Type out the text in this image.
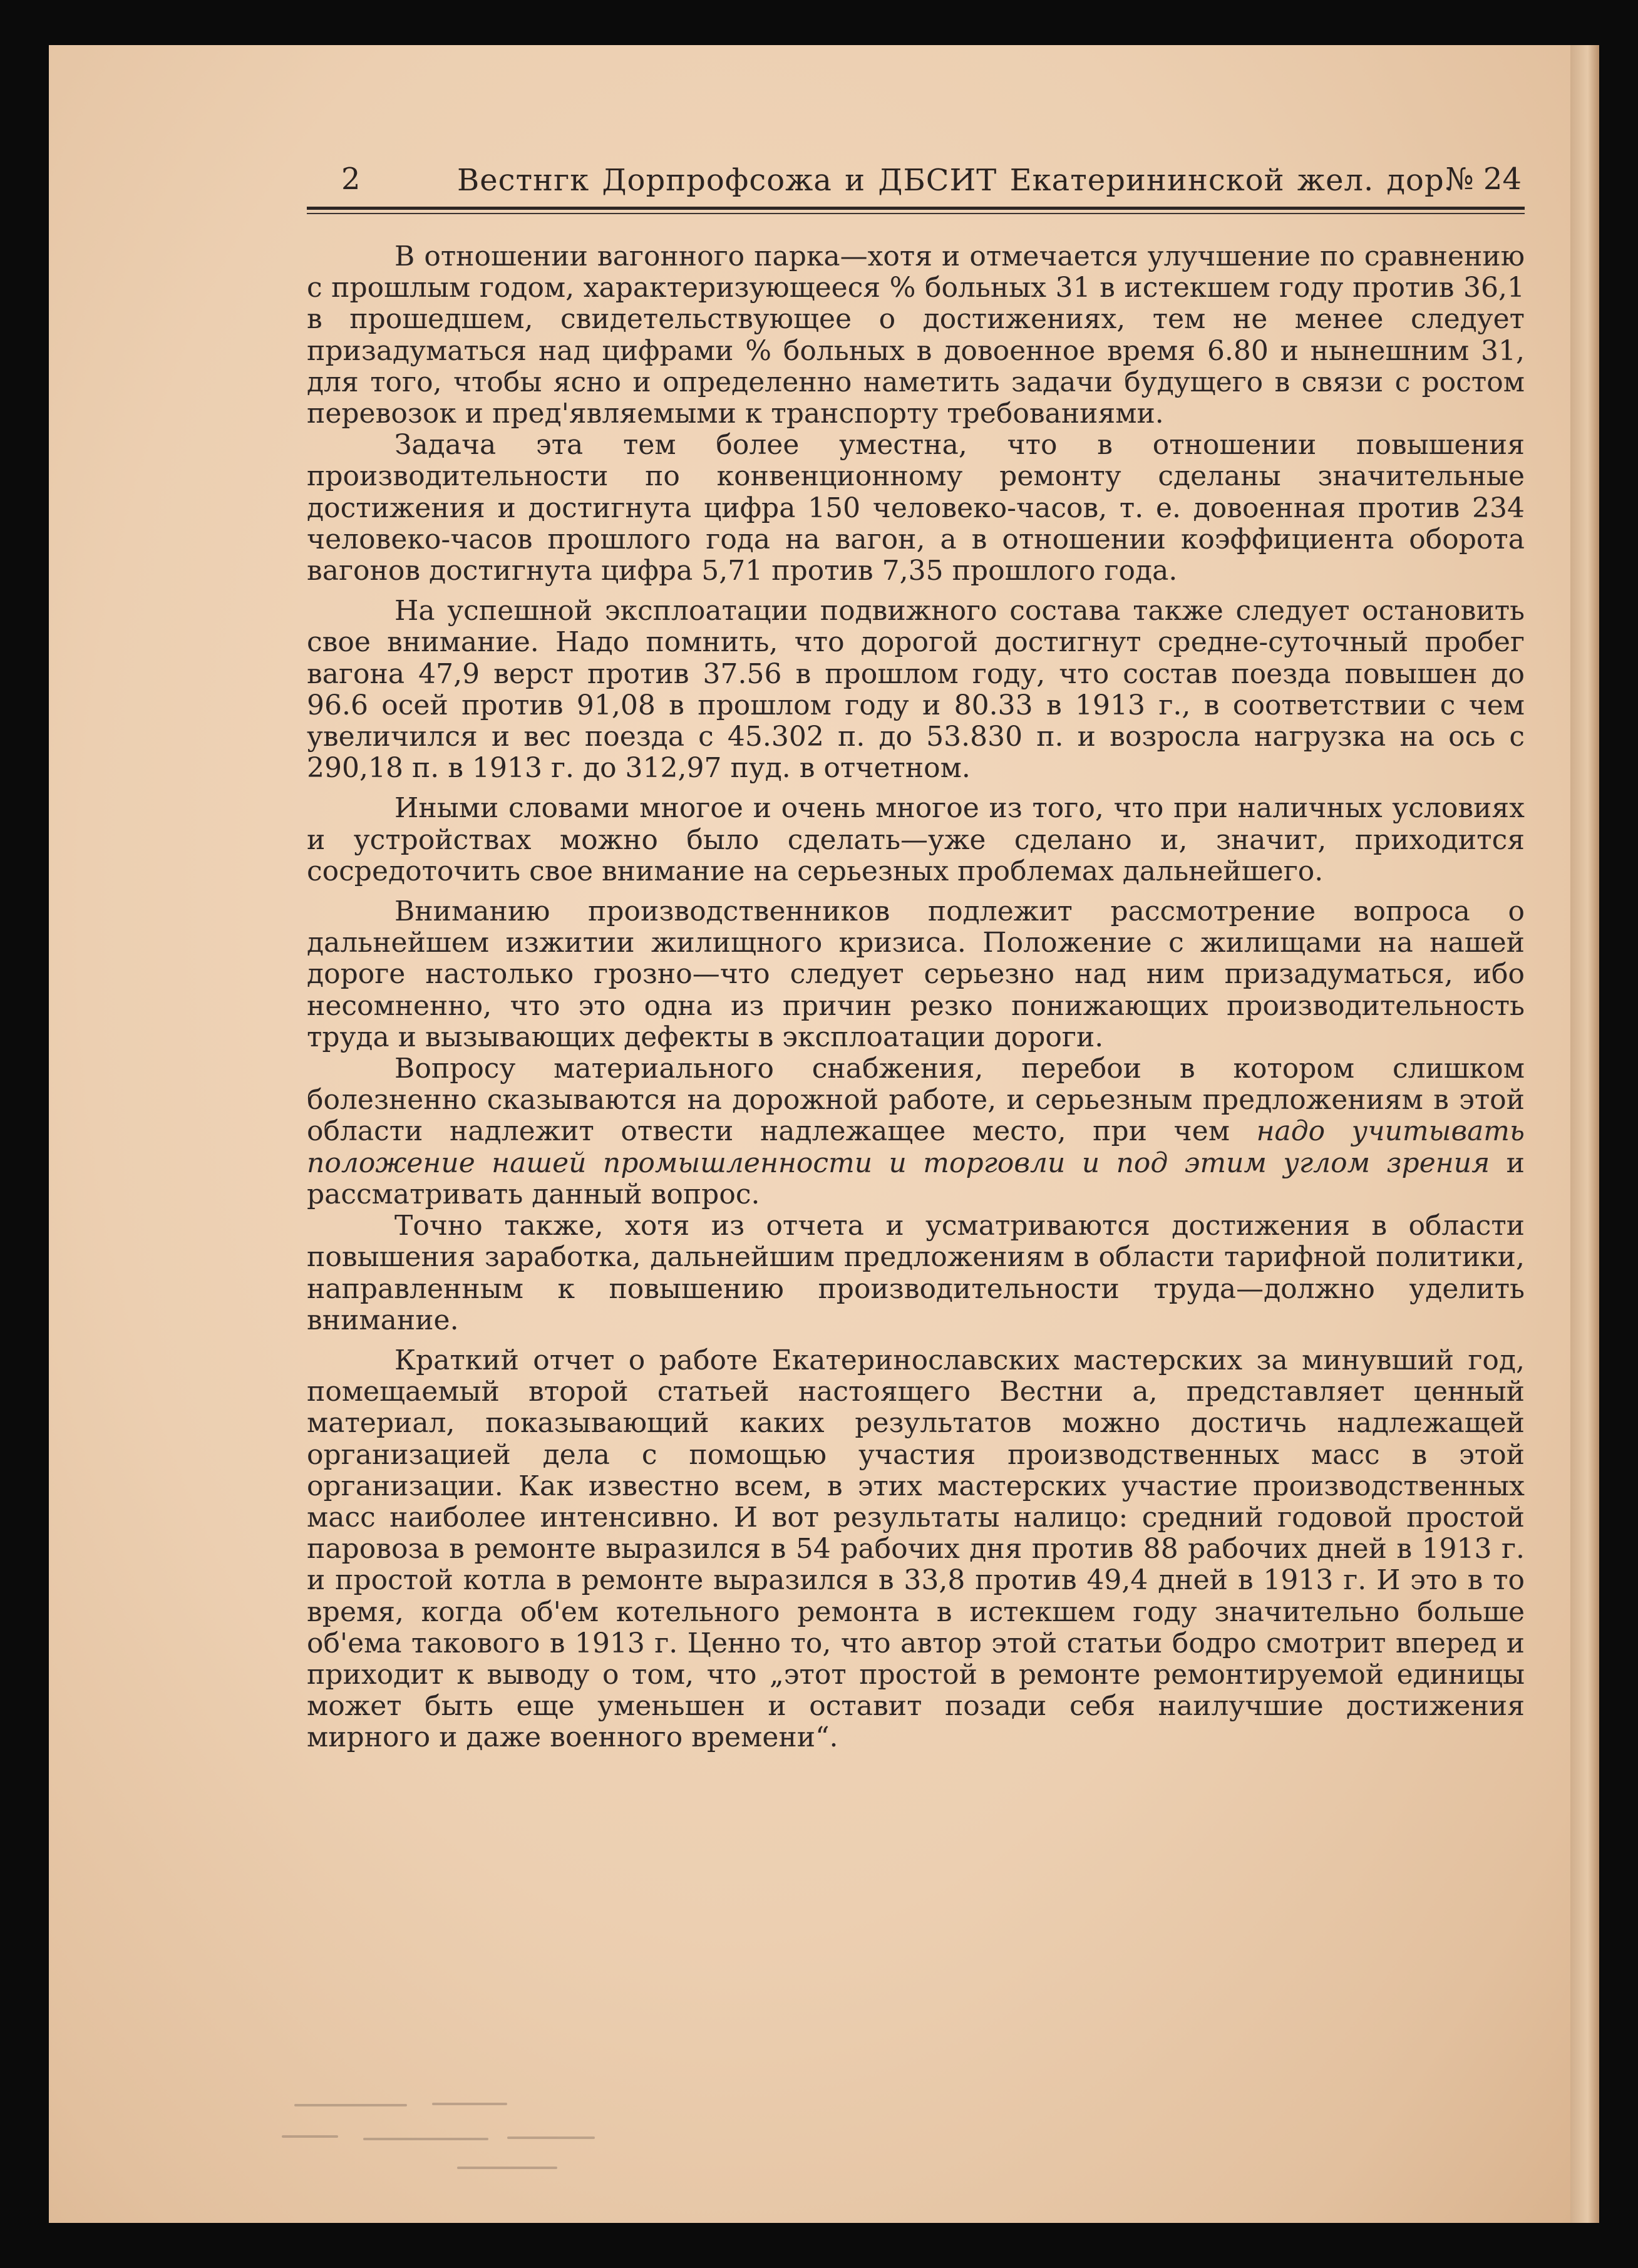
2	Вестнгк Дорпрофсожа и ДБСИТ Екатерининской жел. дор.
№ 24

В отношении вагонного парка—хотя и отмечается улучшение по сравнению с прошлым годом, характеризующееся % больных 31 в истекшем году против 36,1 в прошедшем, свидетельствующее о достижениях, тем не менее следует призадуматься над цифрами % больных в довоенное время 6.80 и нынешним 31, для того, чтобы ясно и определенно наметить задачи будущего в связи с ростом перевозок и пред'являемыми к транспорту требованиями.

Задача эта тем более уместна, что в отношении повышения производительности по конвенционному ремонту сделаны значительные достижения и достигнута цифра 150 человеко-часов, т. е. довоенная против 234 человеко-часов прошлого года на вагон, а в отношении коэффициента оборота вагонов достигнута цифра 5,71 против 7,35 прошлого года.

На успешной эксплоатации подвижного состава также следует остановить свое внимание. Надо помнить, что дорогой достигнут средне-суточный пробег вагона 47,9 верст против 37.56 в прошлом году, что состав поезда повышен до 96.6 осей против 91,08 в прошлом году и 80.33 в 1913 г., в соответствии с чем увеличился и вес поезда с 45.302 п. до 53.830 п. и возросла нагрузка на ось с 290,18 п. в 1913 г. до 312,97 пуд. в отчетном.

Иными словами многое и очень многое из того, что при наличных условиях и устройствах можно было сделать—уже сделано и, значит, приходится сосредоточить свое внимание на серьезных проблемах дальнейшего.

Вниманию производственников подлежит рассмотрение вопроса о дальнейшем изжитии жилищного кризиса. Положение с жилищами на нашей дороге настолько грозно—что следует серьезно над ним призадуматься, ибо несомненно, что это одна из причин резко понижающих производительность труда и вызывающих дефекты в эксплоатации дороги.

Вопросу материального снабжения, перебои в котором слишком болезненно сказываются на дорожной работе, и серьезным предложениям в этой области надлежит отвести надлежащее место, при чем надо учитывать положение нашей промышленности и торговли и под этим углом зрения и рассматривать данный вопрос.

Точно также, хотя из отчета и усматриваются достижения в области повышения заработка, дальнейшим предложениям в области тарифной политики, направленным к повышению производительности труда—должно уделить внимание.

Краткий отчет о работе Екатеринославских мастерских за минувший год, помещаемый второй статьей настоящего Вестни а, представляет ценный материал, показывающий каких результатов можно достичь надлежащей организацией дела с помощью участия производственных масс в этой организации. Как известно всем, в этих мастерских участие производственных масс наиболее интенсивно. И вот результаты налицо: средний годовой простой паровоза в ремонте выразился в 54 рабочих дня против 88 рабочих дней в 1913 г. и простой котла в ремонте выразился в 33,8 против 49,4 дней в 1913 г. И это в то время, когда об'ем котельного ремонта в истекшем году значительно больше об'ема такового в 1913 г. Ценно то, что автор этой статьи бодро смотрит вперед и приходит к выводу о том, что „этот простой в ремонте ремонтируемой единицы может быть еще уменьшен и оставит позади себя наилучшие достижения мирного и даже военного времени“.
